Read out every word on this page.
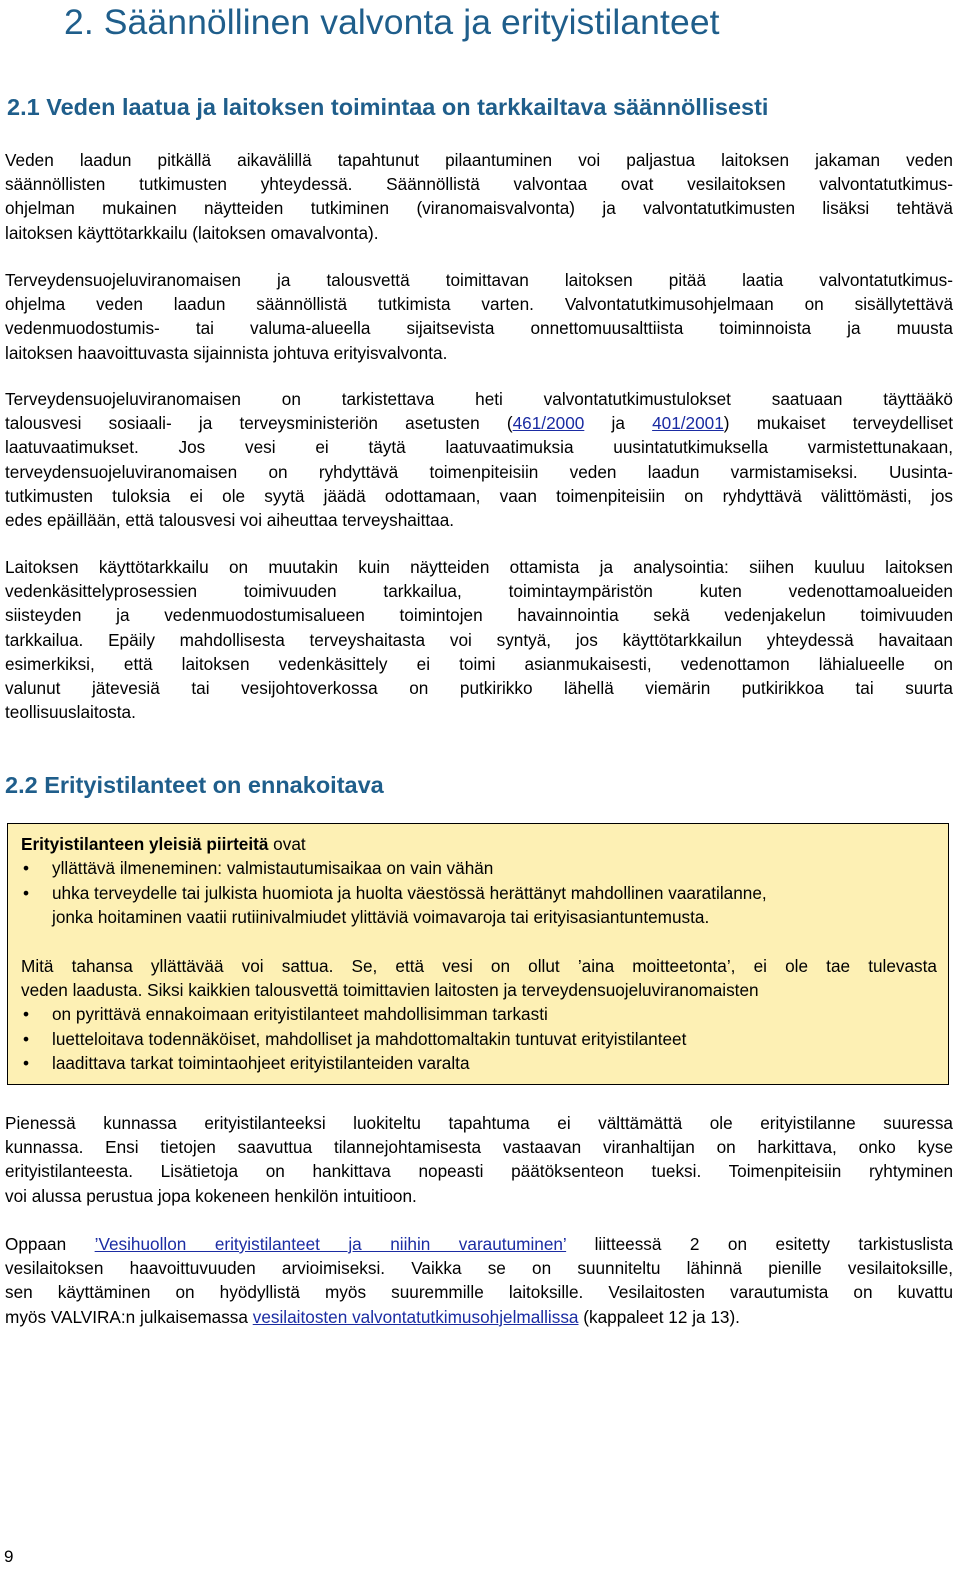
2. Säännöllinen valvonta ja erityistilanteet
2.1 Veden laatua ja laitoksen toimintaa on tarkkailtava säännöllisesti
Veden laadun pitkällä aikavälillä tapahtunut pilaantuminen voi paljastua laitoksen jakaman veden
säännöllisten tutkimusten yhteydessä. Säännöllistä valvontaa ovat vesilaitoksen valvontatutkimus-
ohjelman mukainen näytteiden tutkiminen (viranomaisvalvonta) ja valvontatutkimusten lisäksi tehtävä
laitoksen käyttötarkkailu (laitoksen omavalvonta).
Terveydensuojeluviranomaisen ja talousvettä toimittavan laitoksen pitää laatia valvontatutkimus-
ohjelma veden laadun säännöllistä tutkimista varten. Valvontatutkimusohjelmaan on sisällytettävä
vedenmuodostumis- tai valuma-alueella sijaitsevista onnettomuusalttiista toiminnoista ja muusta
laitoksen haavoittuvasta sijainnista johtuva erityisvalvonta.
Terveydensuojeluviranomaisen on tarkistettava heti valvontatutkimustulokset saatuaan täyttääkö
talousvesi sosiaali- ja terveysministeriön asetusten (461/2000 ja 401/2001) mukaiset terveydelliset
laatuvaatimukset. Jos vesi ei täytä laatuvaatimuksia uusintatutkimuksella varmistettunakaan,
terveydensuojeluviranomaisen on ryhdyttävä toimenpiteisiin veden laadun varmistamiseksi. Uusinta-
tutkimusten tuloksia ei ole syytä jäädä odottamaan, vaan toimenpiteisiin on ryhdyttävä välittömästi, jos
edes epäillään, että talousvesi voi aiheuttaa terveyshaittaa.
Laitoksen käyttötarkkailu on muutakin kuin näytteiden ottamista ja analysointia: siihen kuuluu laitoksen
vedenkäsittelyprosessien toimivuuden tarkkailua, toimintaympäristön kuten vedenottamoalueiden
siisteyden ja vedenmuodostumisalueen toimintojen havainnointia sekä vedenjakelun toimivuuden
tarkkailua. Epäily mahdollisesta terveyshaitasta voi syntyä, jos käyttötarkkailun yhteydessä havaitaan
esimerkiksi, että laitoksen vedenkäsittely ei toimi asianmukaisesti, vedenottamon lähialueelle on
valunut jätevesiä tai vesijohtoverkossa on putkirikko lähellä viemärin putkirikkoa tai suurta
teollisuuslaitosta.
2.2 Erityistilanteet on ennakoitava
Erityistilanteen yleisiä piirteitä ovat
• yllättävä ilmeneminen: valmistautumisaikaa on vain vähän
• uhka terveydelle tai julkista huomiota ja huolta väestössä herättänyt mahdollinen vaaratilanne,
jonka hoitaminen vaatii rutiinivalmiudet ylittäviä voimavaroja tai erityisasiantuntemusta.
Mitä tahansa yllättävää voi sattua. Se, että vesi on ollut ’aina moitteetonta’, ei ole tae tulevasta
veden laadusta. Siksi kaikkien talousvettä toimittavien laitosten ja terveydensuojeluviranomaisten
• on pyrittävä ennakoimaan erityistilanteet mahdollisimman tarkasti
• luetteloitava todennäköiset, mahdolliset ja mahdottomaltakin tuntuvat erityistilanteet
• laadittava tarkat toimintaohjeet erityistilanteiden varalta
Pienessä kunnassa erityistilanteeksi luokiteltu tapahtuma ei välttämättä ole erityistilanne suuressa
kunnassa. Ensi tietojen saavuttua tilannejohtamisesta vastaavan viranhaltijan on harkittava, onko kyse
erityistilanteesta. Lisätietoja on hankittava nopeasti päätöksenteon tueksi. Toimenpiteisiin ryhtyminen
voi alussa perustua jopa kokeneen henkilön intuitioon.
Oppaan ’Vesihuollon erityistilanteet ja niihin varautuminen’ liitteessä 2 on esitetty tarkistuslista
vesilaitoksen haavoittuvuuden arvioimiseksi. Vaikka se on suunniteltu lähinnä pienille vesilaitoksille,
sen käyttäminen on hyödyllistä myös suuremmille laitoksille. Vesilaitosten varautumista on kuvattu
myös VALVIRA:n julkaisemassa vesilaitosten valvontatutkimusohjelmallissa (kappaleet 12 ja 13).
9
